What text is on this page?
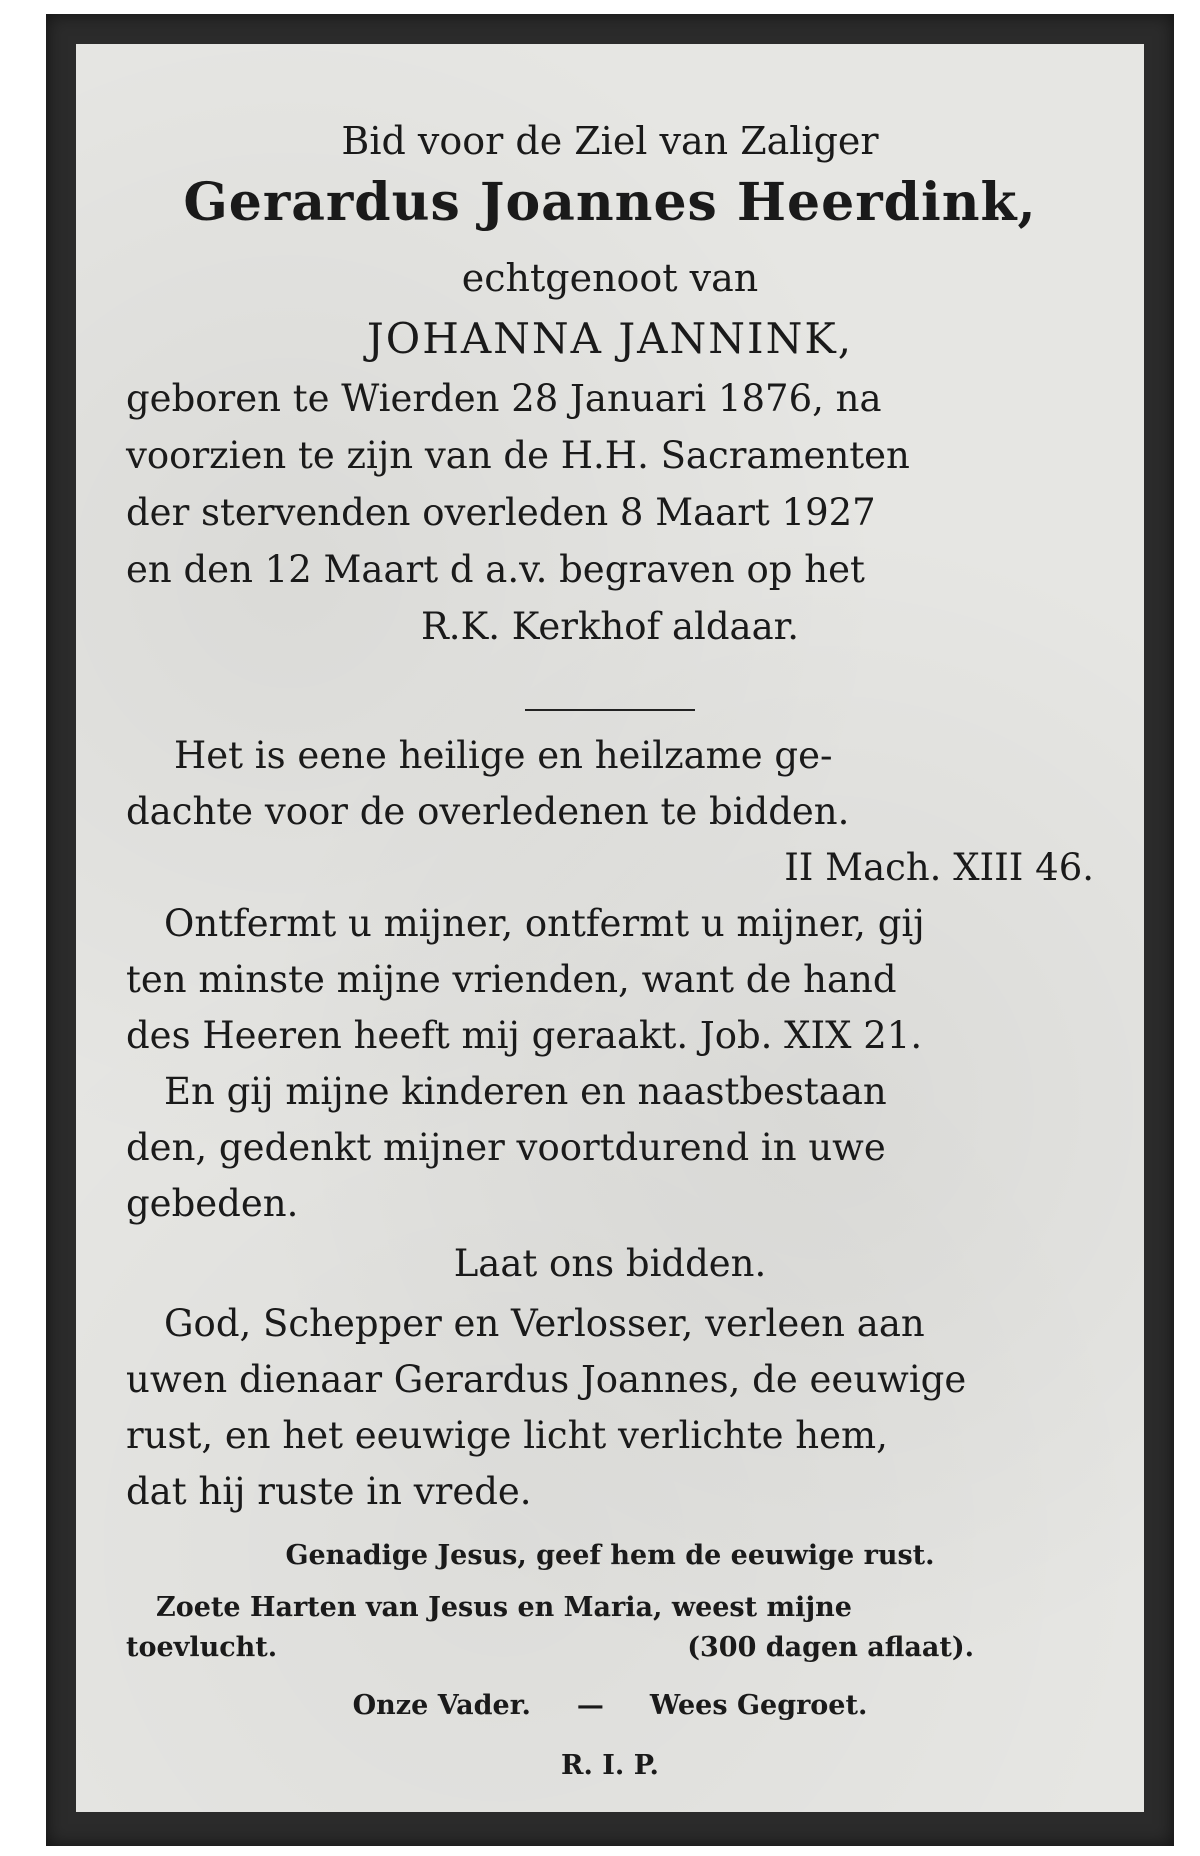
Bid voor de Ziel van Zaliger
Gerardus Joannes Heerdink,
echtgenoot van
JOHANNA JANNINK,
geboren te Wierden 28 Januari 1876, na
voorzien te zijn van de H.H. Sacramenten
der stervenden overleden 8 Maart 1927
en den 12 Maart d a.v. begraven op het
R.K. Kerkhof aldaar.
Het is eene heilige en heilzame ge-
dachte voor de overledenen te bidden.
II Mach. XIII 46.
Ontfermt u mijner, ontfermt u mijner, gij
ten minste mijne vrienden, want de hand
des Heeren heeft mij geraakt. Job. XIX 21.
En gij mijne kinderen en naastbestaan
den, gedenkt mijner voortdurend in uwe
gebeden.
Laat ons bidden.
God, Schepper en Verlosser, verleen aan
uwen dienaar Gerardus Joannes, de eeuwige
rust, en het eeuwige licht verlichte hem,
dat hij ruste in vrede.
Genadige Jesus, geef hem de eeuwige rust.
Zoete Harten van Jesus en Maria, weest mijne
toevlucht.	(300 dagen aflaat).
Onze Vader. — Wees Gegroet.
R. I. P.
